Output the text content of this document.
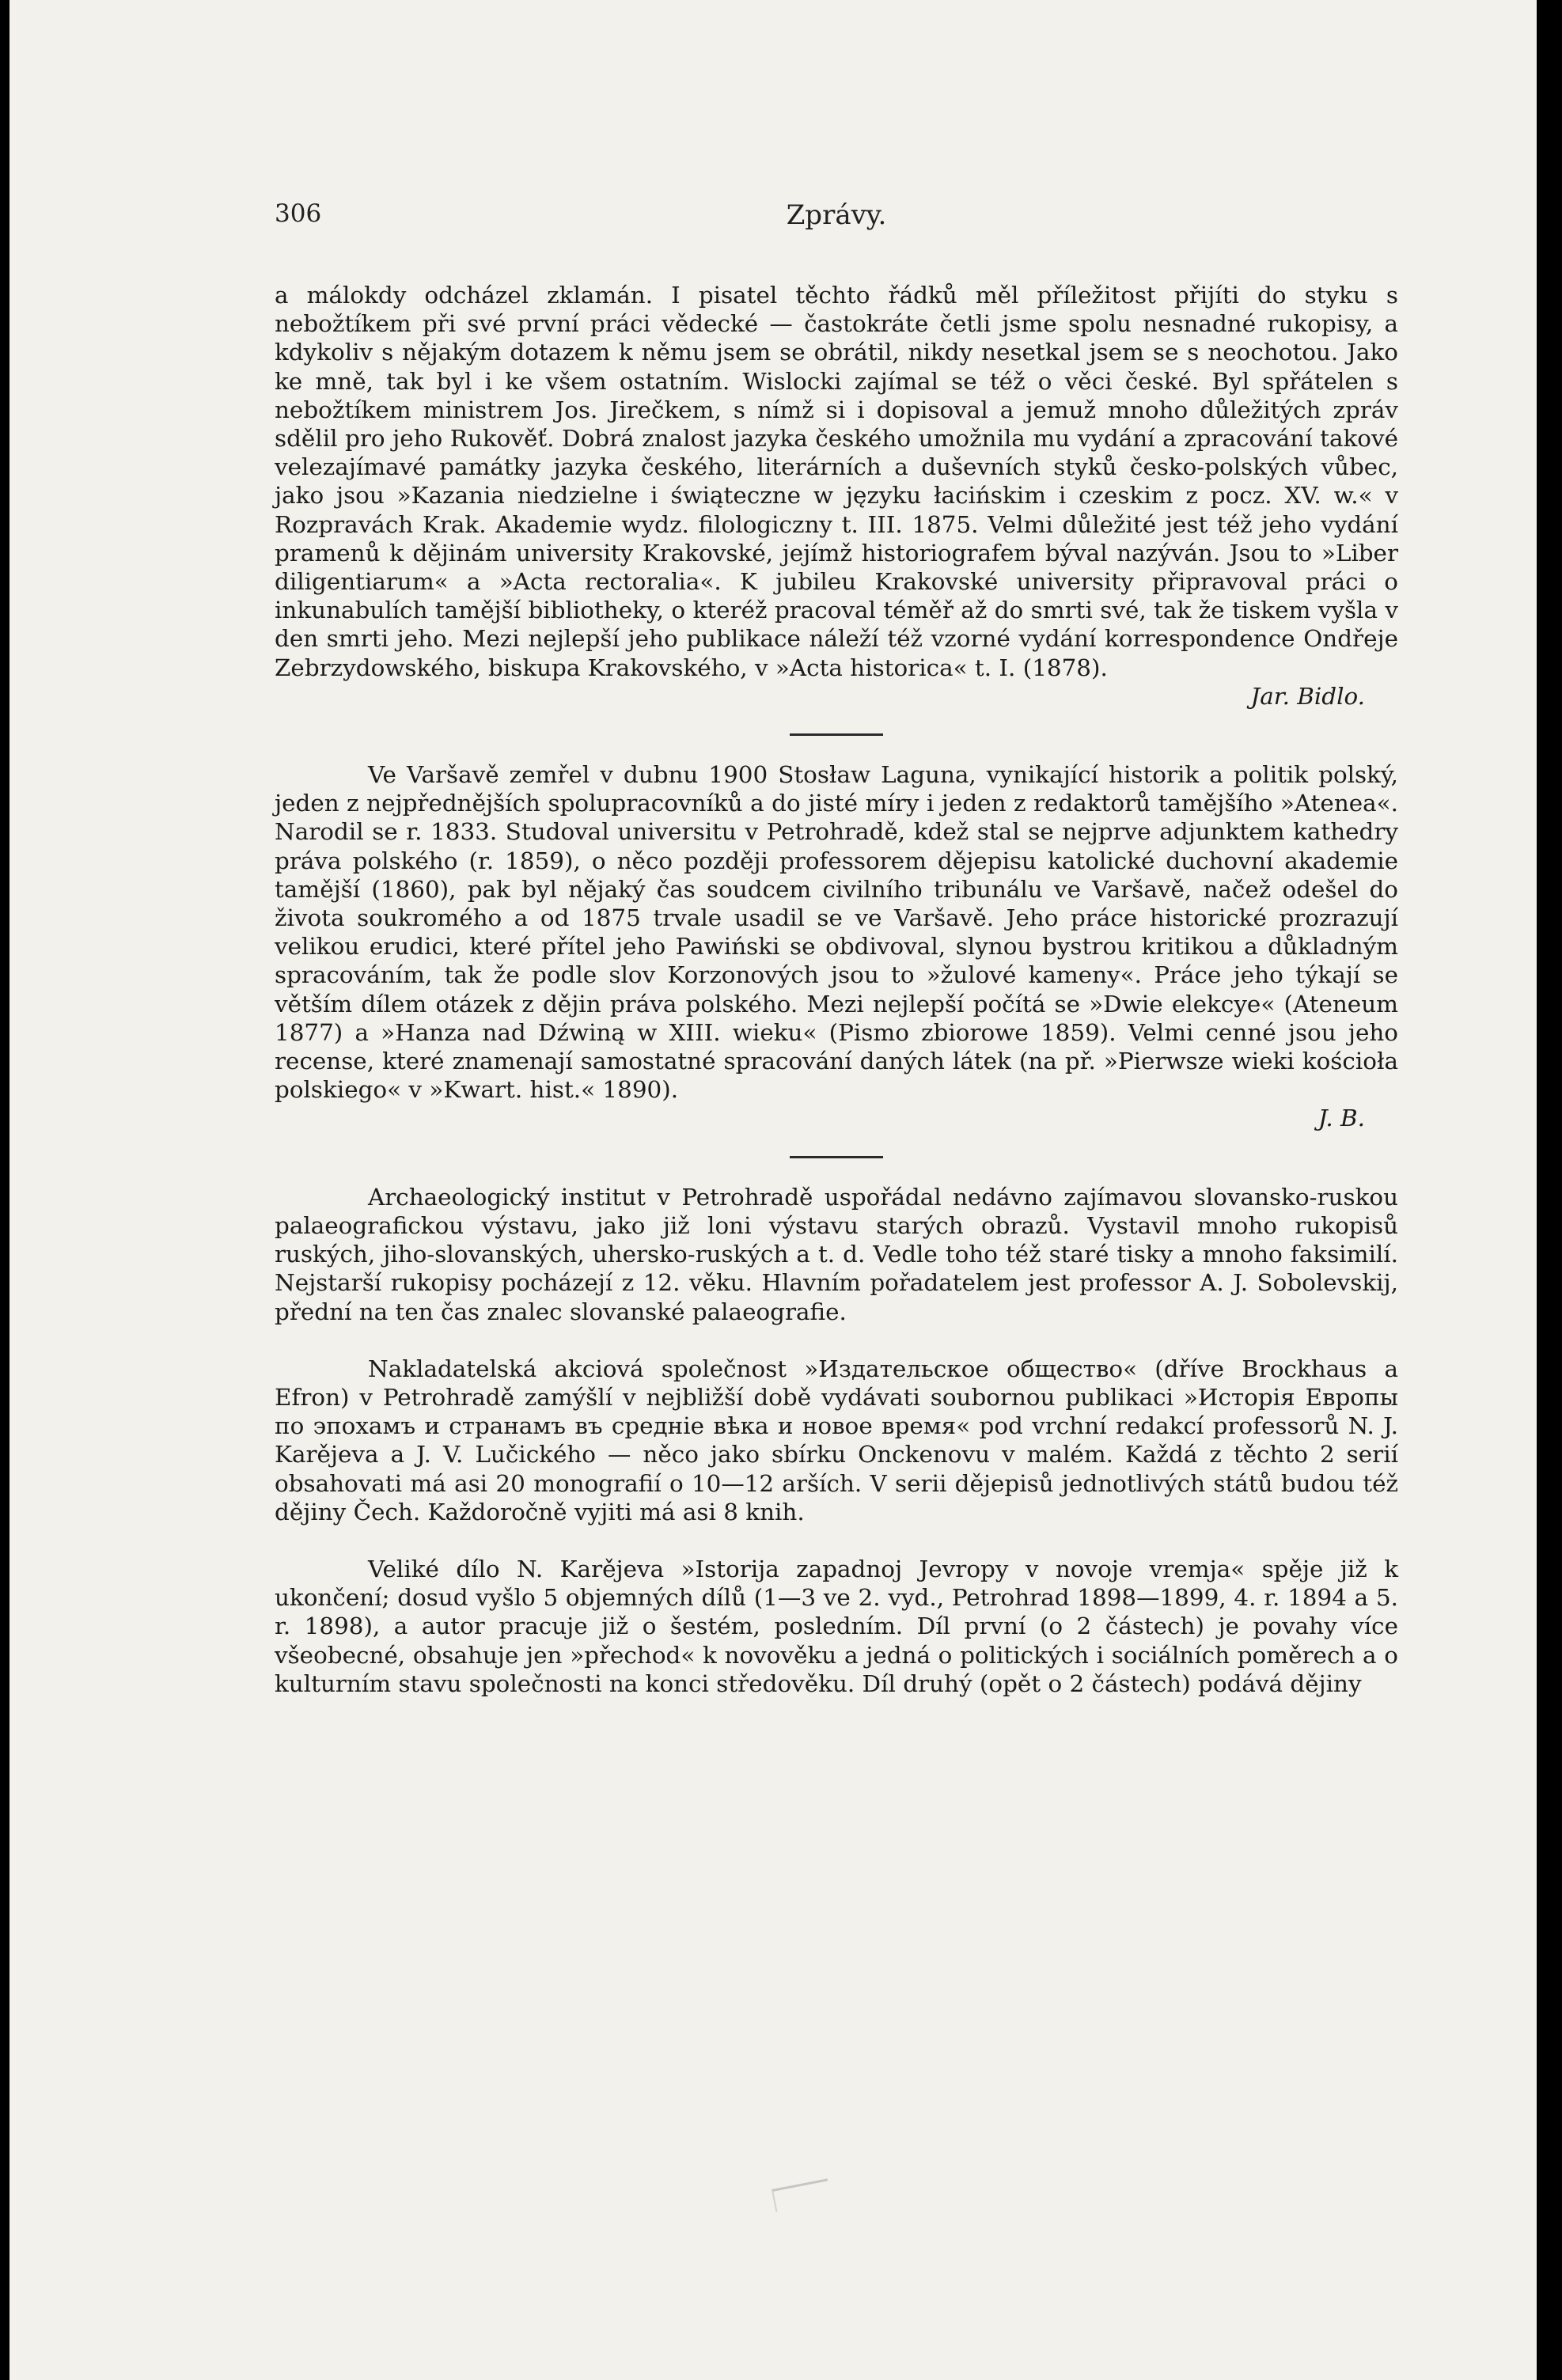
306	Zprávy.

a málokdy odcházel zklamán. I pisatel těchto řádků měl příležitost přijíti do styku s nebožtíkem při své první práci vědecké — častokráte četli jsme spolu nesnadné rukopisy, a kdykoliv s nějakým dotazem k němu jsem se obrátil, nikdy nesetkal jsem se s neochotou. Jako ke mně, tak byl i ke všem ostatním. Wislocki zajímal se též o věci české. Byl spřátelen s nebožtíkem ministrem Jos. Jirečkem, s nímž si i dopisoval a jemuž mnoho důležitých zpráv sdělil pro jeho Rukověť. Dobrá znalost jazyka českého umožnila mu vydání a zpracování takové velezajímavé památky jazyka českého, literárních a duševních styků česko-polských vůbec, jako jsou »Kazania niedzielne i świąteczne w języku łacińskim i czeskim z pocz. XV. w.« v Rozpravách Krak. Akademie wydz. filologiczny t. III. 1875. Velmi důležité jest též jeho vydání pramenů k dějinám university Krakovské, jejímž historiografem býval nazýván. Jsou to »Liber diligentiarum« a »Acta rectoralia«. K jubileu Krakovské university připravoval práci o inkunabulích tamější bibliotheky, o kteréž pracoval téměř až do smrti své, tak že tiskem vyšla v den smrti jeho. Mezi nejlepší jeho publikace náleží též vzorné vydání korrespondence Ondřeje Zebrzydowského, biskupa Krakovského, v »Acta historica« t. I. (1878).

Jar. Bidlo.

Ve Varšavě zemřel v dubnu 1900 Stosław Laguna, vynikající historik a politik polský, jeden z nejpřednějších spolupracovníků a do jisté míry i jeden z redaktorů tamějšího »Atenea«. Narodil se r. 1833. Studoval universitu v Petrohradě, kdež stal se nejprve adjunktem kathedry práva polského (r. 1859), o něco později professorem dějepisu katolické duchovní akademie tamější (1860), pak byl nějaký čas soudcem civilního tribunálu ve Varšavě, načež odešel do života soukromého a od 1875 trvale usadil se ve Varšavě. Jeho práce historické prozrazují velikou erudici, které přítel jeho Pawiński se obdivoval, slynou bystrou kritikou a důkladným spracováním, tak že podle slov Korzonových jsou to »žulové kameny«. Práce jeho týkají se větším dílem otázek z dějin práva polského. Mezi nejlepší počítá se »Dwie elekcye« (Ateneum 1877) a »Hanza nad Dźwiną w XIII. wieku« (Pismo zbiorowe 1859). Velmi cenné jsou jeho recense, které znamenají samostatné spracování daných látek (na př. »Pierwsze wieki kościoła polskiego« v »Kwart. hist.« 1890).

J. B.

Archaeologický institut v Petrohradě uspořádal nedávno zajímavou slovansko-ruskou palaeografickou výstavu, jako již loni výstavu starých obrazů. Vystavil mnoho rukopisů ruských, jiho-slovanských, uhersko-ruských a t. d. Vedle toho též staré tisky a mnoho faksimilí. Nejstarší rukopisy pocházejí z 12. věku. Hlavním pořadatelem jest professor A. J. Sobolevskij, přední na ten čas znalec slovanské palaeografie.

Nakladatelská akciová společnost »Издательское общество« (dříve Brockhaus a Efron) v Petrohradě zamýšlí v nejbližší době vydávati soubornou publikaci »Исторія Европы по эпохамъ и странамъ въ средніе вѣка и новое время« pod vrchní redakcí professorů N. J. Karějeva a J. V. Lučického — něco jako sbírku Onckenovu v malém. Každá z těchto 2 serií obsahovati má asi 20 monografií o 10—12 arších. V serii dějepisů jednotlivých států budou též dějiny Čech. Každoročně vyjiti má asi 8 knih.

Veliké dílo N. Karějeva »Istorija zapadnoj Jevropy v novoje vremja« spěje již k ukončení; dosud vyšlo 5 objemných dílů (1—3 ve 2. vyd., Petrohrad 1898—1899, 4. r. 1894 a 5. r. 1898), a autor pracuje již o šestém, posledním. Díl první (o 2 částech) je povahy více všeobecné, obsahuje jen »přechod« k novověku a jedná o politických i sociálních poměrech a o kulturním stavu společnosti na konci středověku. Díl druhý (opět o 2 částech) podává dějiny
